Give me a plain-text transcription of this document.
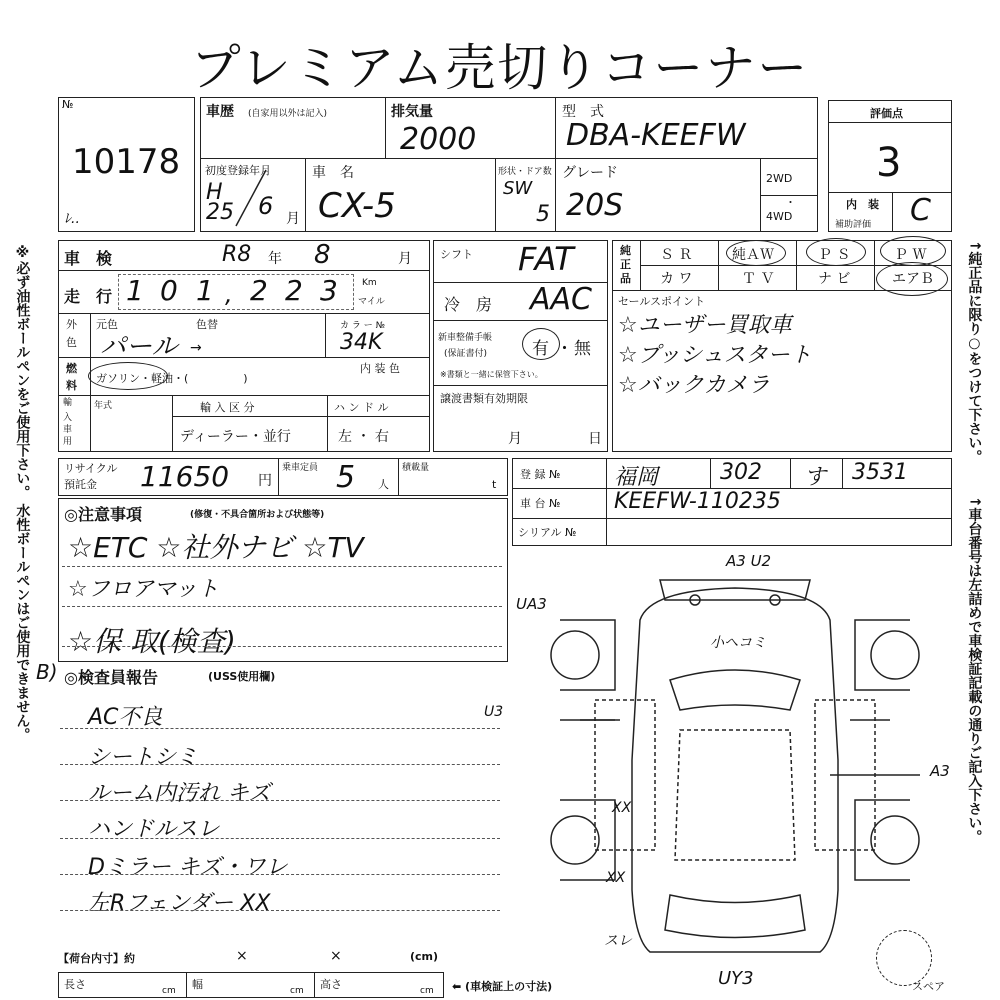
プレミアム売切りコーナー
※必ず油性ボールペンをご使用下さい。 水性ボールペンはご使用できません。	↑純正品に限り○をつけて下さい。
↑車台番号は左詰めで車検証記載の通りご記入下さい。
№
10178
ﾚ..
車歴 (自家用以外は記入)	排気量
2000
型　式
DBA-KEEFW
初度登録年月
H
25 6 月
車　名
CX-5
形状・ドア数
SW
5
グレード
20S
2WD
・
4WD
評価点
3
内　装
補助評価 C
車　検	R8 年 8	月
走　行 1 0 1 , 2 2 3	Km
マイル
外
色
元色	色替	カ ラ ー №
パール →	34K
燃
料
ガソリン・軽油・(　　　　　)
内 装 色
輸
入
車
用
年式	輸 入 区 分	ハ ン ド ル
ディーラー・並行	左 ・ 右
シフト FAT
冷　房 AAC
新車整備手帳
(保証書付)	有 ・ 無
※書類と一緒に保管下さい。
譲渡書類有効期限
月	日
純
正
品
Ｓ Ｒ	純ＡＷ	Ｐ Ｓ	Ｐ Ｗ
カ ワ	Ｔ Ｖ	ナ ビ	エアＢ
セールスポイント
☆ユーザー買取車
☆プッシュスタート
☆バックカメラ
リサイクル
預託金 11650 円
乗車定員 5 人
積載量
t
登 録 № 福岡	302 す 3531
車 台 № KEEFW-110235
シリアル №
◎注意事項	(修復・不具合箇所および状態等)
☆ETC ☆社外ナビ ☆TV
☆フロアマット
☆保 取(検査)
B) ◎検査員報告	(USS使用欄)
AC不良
シートシミ
ルーム内汚れ キズ
ハンドルスレ
Dミラー キズ・ワレ
左Rフェンダー XX
A3 U2
UA3
小ヘコミ
U3
A3
XX
XX
スレ
UY3	スペア
【荷台内寸】約	×	×	(cm)
長さ	cm 幅	cm 高さ	cm ⬅ (車検証上の寸法)
